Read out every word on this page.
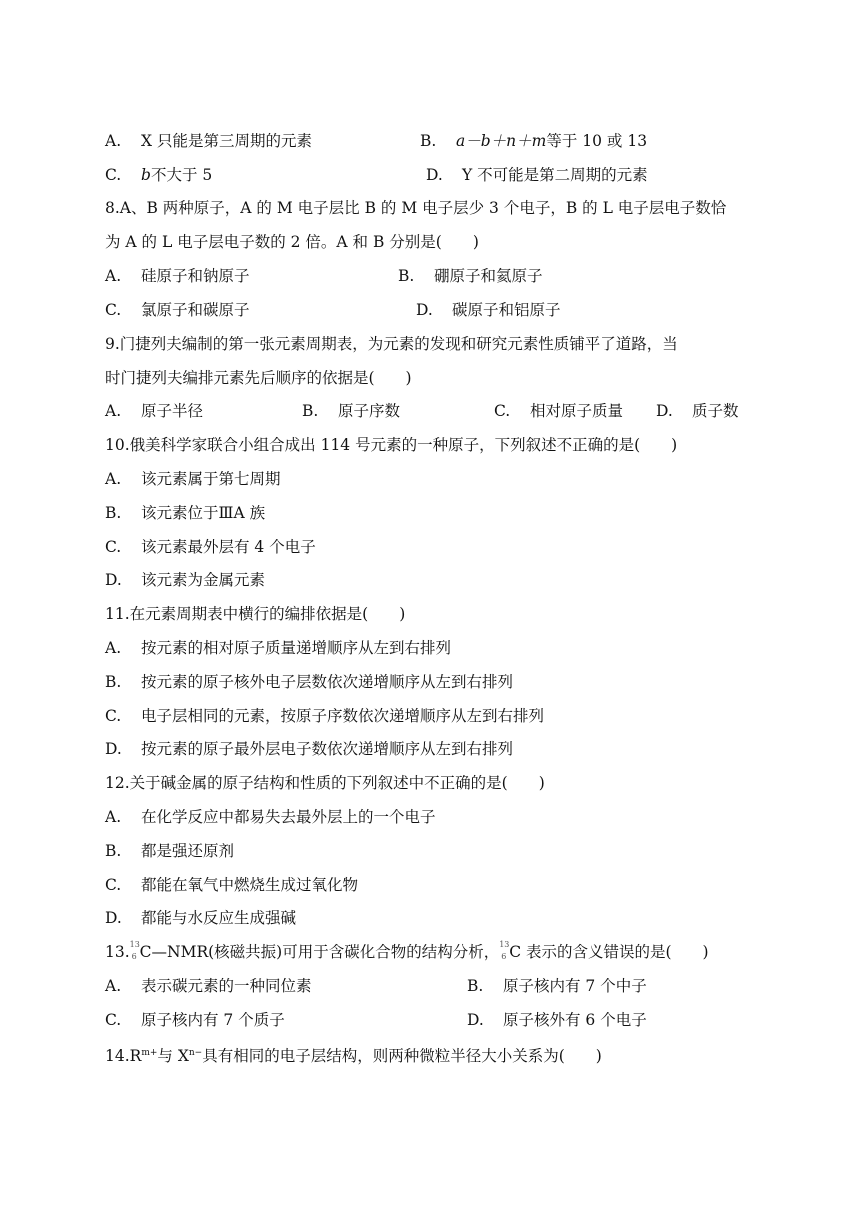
A. X 只能是第三周期的元素	B. a－b＋n＋m等于 10 或 13
C. b不大于 5	D. Y 不可能是第二周期的元素
8.A、B 两种原子，A 的 M 电子层比 B 的 M 电子层少 3 个电子，B 的 L 电子层电子数恰
为 A 的 L 电子层电子数的 2 倍。A 和 B 分别是(　　)
A. 硅原子和钠原子	B. 硼原子和氦原子
C. 氯原子和碳原子	D. 碳原子和铝原子
9.门捷列夫编制的第一张元素周期表，为元素的发现和研究元素性质铺平了道路，当
时门捷列夫编排元素先后顺序的依据是(　　)
A. 原子半径	B. 原子序数	C. 相对原子质量 D. 质子数
10.俄美科学家联合小组合成出 114 号元素的一种原子，下列叙述不正确的是(　　)
A. 该元素属于第七周期
B. 该元素位于ⅢA 族
C. 该元素最外层有 4 个电子
D. 该元素为金属元素
11.在元素周期表中横行的编排依据是(　　)
A. 按元素的相对原子质量递增顺序从左到右排列
B. 按元素的原子核外电子层数依次递增顺序从左到右排列
C. 电子层相同的元素，按原子序数依次递增顺序从左到右排列
D. 按元素的原子最外层电子数依次递增顺序从左到右排列
12.关于碱金属的原子结构和性质的下列叙述中不正确的是(　　)
A. 在化学反应中都易失去最外层上的一个电子
B. 都是强还原剂
C. 都能在氧气中燃烧生成过氧化物
D. 都能与水反应生成强碱
13. 13
6 C—NMR(核磁共振)可用于含碳化合物的结构分析， 13
6 C 表示的含义错误的是(　　)
A. 表示碳元素的一种同位素	B. 原子核内有 7 个中子
C. 原子核内有 7 个质子	D. 原子核外有 6 个电子
$14.R^{m+}$与 $X^{n-}$具有相同的电子层结构，则两种微粒半径大小关系为(　　)
